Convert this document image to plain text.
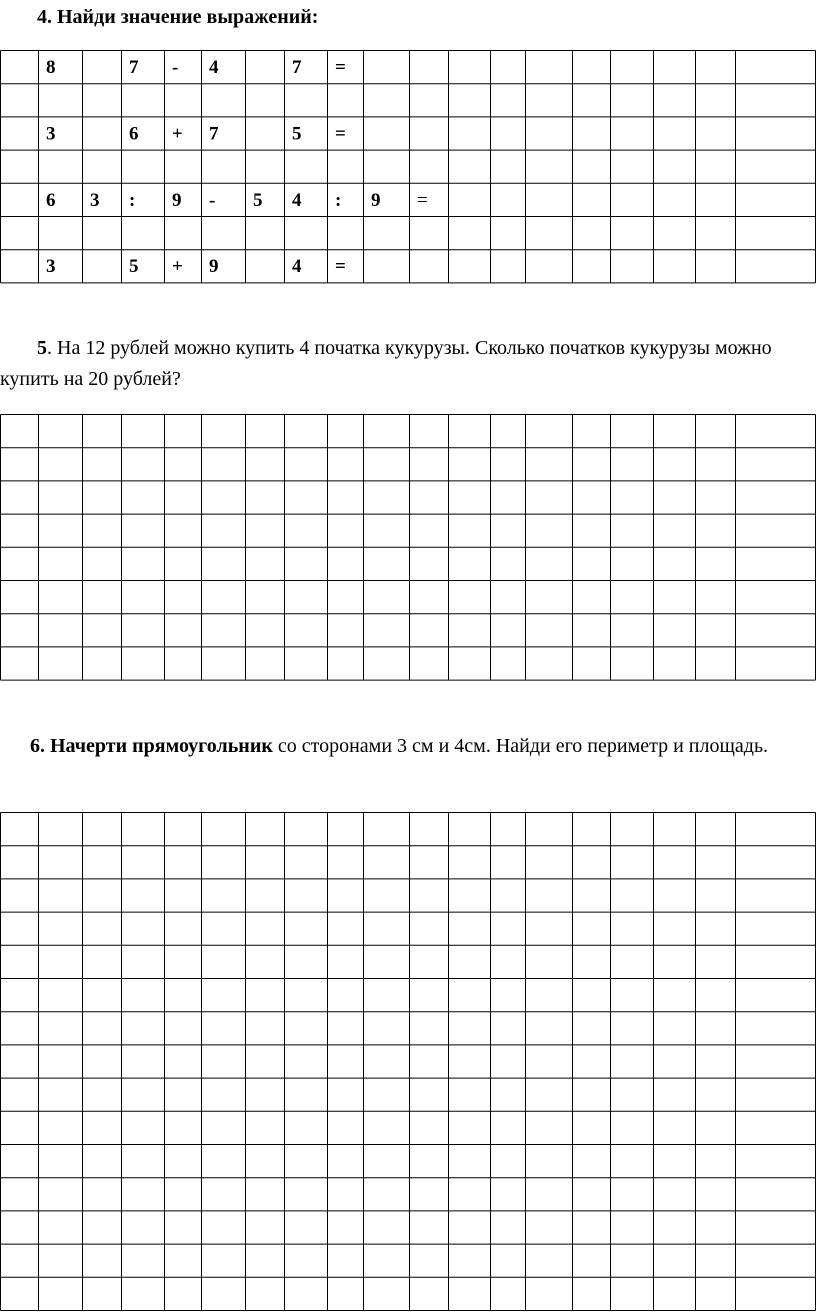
4. Найди значение выражений:
8	7 - 4	7 =
3	6 + 7	5 =
6 3 : 9 - 5 4 : 9 =
3	5 + 9	4 =
5. На 12 рублей можно купить 4 початка кукурузы. Сколько початков кукурузы можно купить на 20 рублей?
6. Начерти прямоугольник со сторонами 3 см и 4см. Найди его периметр и площадь.
